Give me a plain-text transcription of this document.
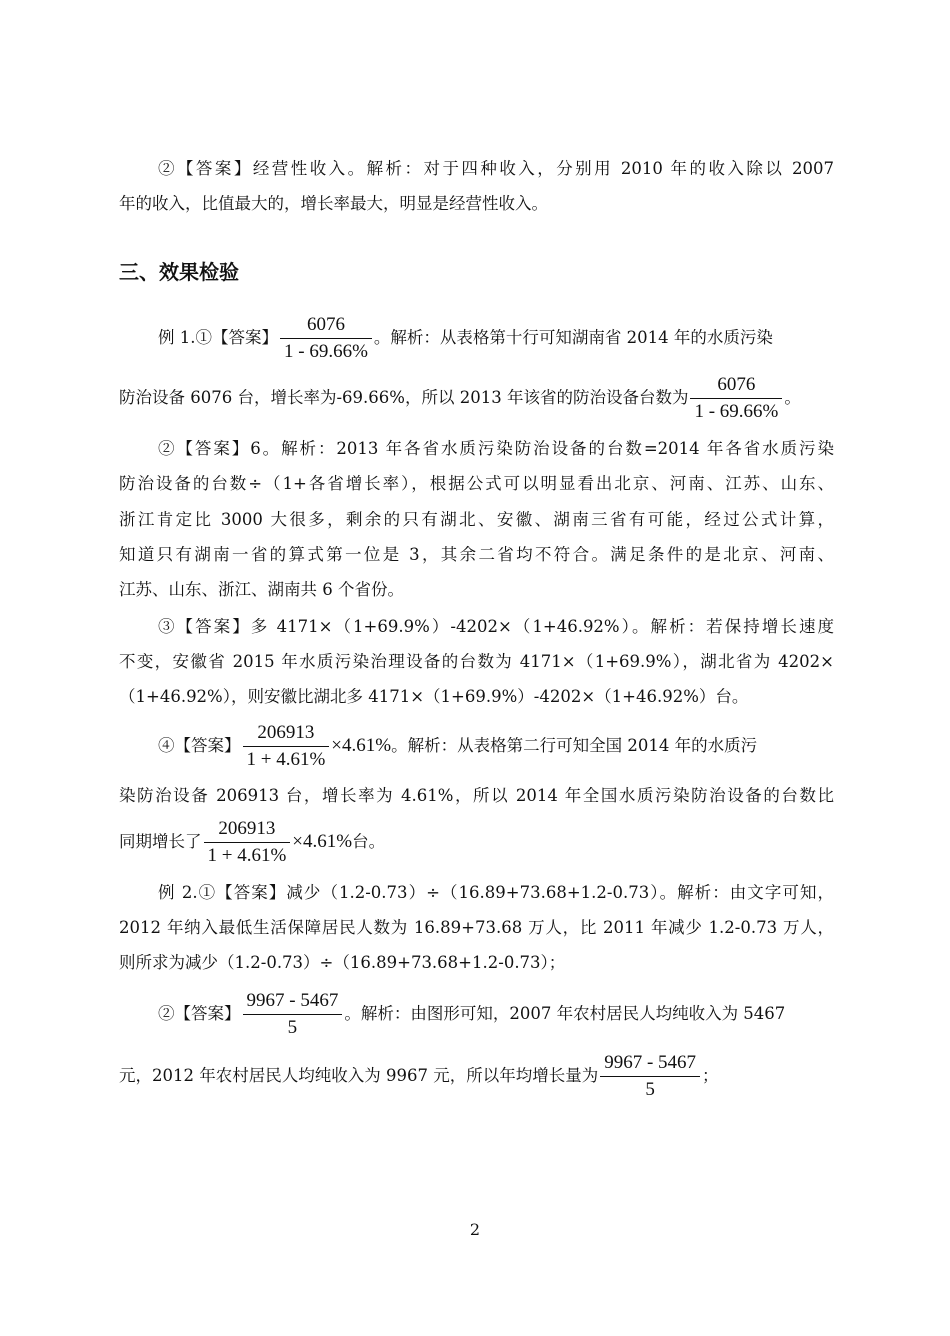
②【答案】经营性收入。解析：对于四种收入，分别用 2010 年的收入除以 2007
年的收入，比值最大的，增长率最大，明显是经营性收入。
三、效果检验
例 1.①【答案】 $\frac{6076}{1 - 69.66\%}$ 。解析：从表格第十行可知湖南省 2014 年的水质污染
防治设备 6076 台，增长率为-69.66%，所以 2013 年该省的防治设备台数为 $\frac{6076}{1 - 69.66\%}$ 。
②【答案】6。解析：2013 年各省水质污染防治设备的台数=2014 年各省水质污染
防治设备的台数÷（1+各省增长率），根据公式可以明显看出北京、河南、江苏、山东、
浙江肯定比 3000 大很多，剩余的只有湖北、安徽、湖南三省有可能，经过公式计算，
知道只有湖南一省的算式第一位是 3，其余二省均不符合。满足条件的是北京、河南、
江苏、山东、浙江、湖南共 6 个省份。
③【答案】多 4171×（1+69.9%）-4202×（1+46.92%）。解析：若保持增长速度
不变，安徽省 2015 年水质污染治理设备的台数为 4171×（1+69.9%），湖北省为 4202×
（1+46.92%），则安徽比湖北多 4171×（1+69.9%）-4202×（1+46.92%）台。
④【答案】 $\frac{206913}{1 + 4.61\%} \times 4.61\%$。解析：从表格第二行可知全国 2014 年的水质污
染防治设备 206913 台，增长率为 4.61%，所以 2014 年全国水质污染防治设备的台数比
同期增长了 $\frac{206913}{1 + 4.61\%} \times 4.61\%$台。
例 2.①【答案】减少（1.2-0.73）÷（16.89+73.68+1.2-0.73）。解析：由文字可知，
2012 年纳入最低生活保障居民人数为 16.89+73.68 万人，比 2011 年减少 1.2-0.73 万人，
则所求为减少（1.2-0.73）÷（16.89+73.68+1.2-0.73）；
②【答案】 $\frac{9967 - 5467}{5}$ 。解析：由图形可知，2007 年农村居民人均纯收入为 5467
元，2012 年农村居民人均纯收入为 9967 元，所以年均增长量为 $\frac{9967 - 5467}{5}$ ；
2
